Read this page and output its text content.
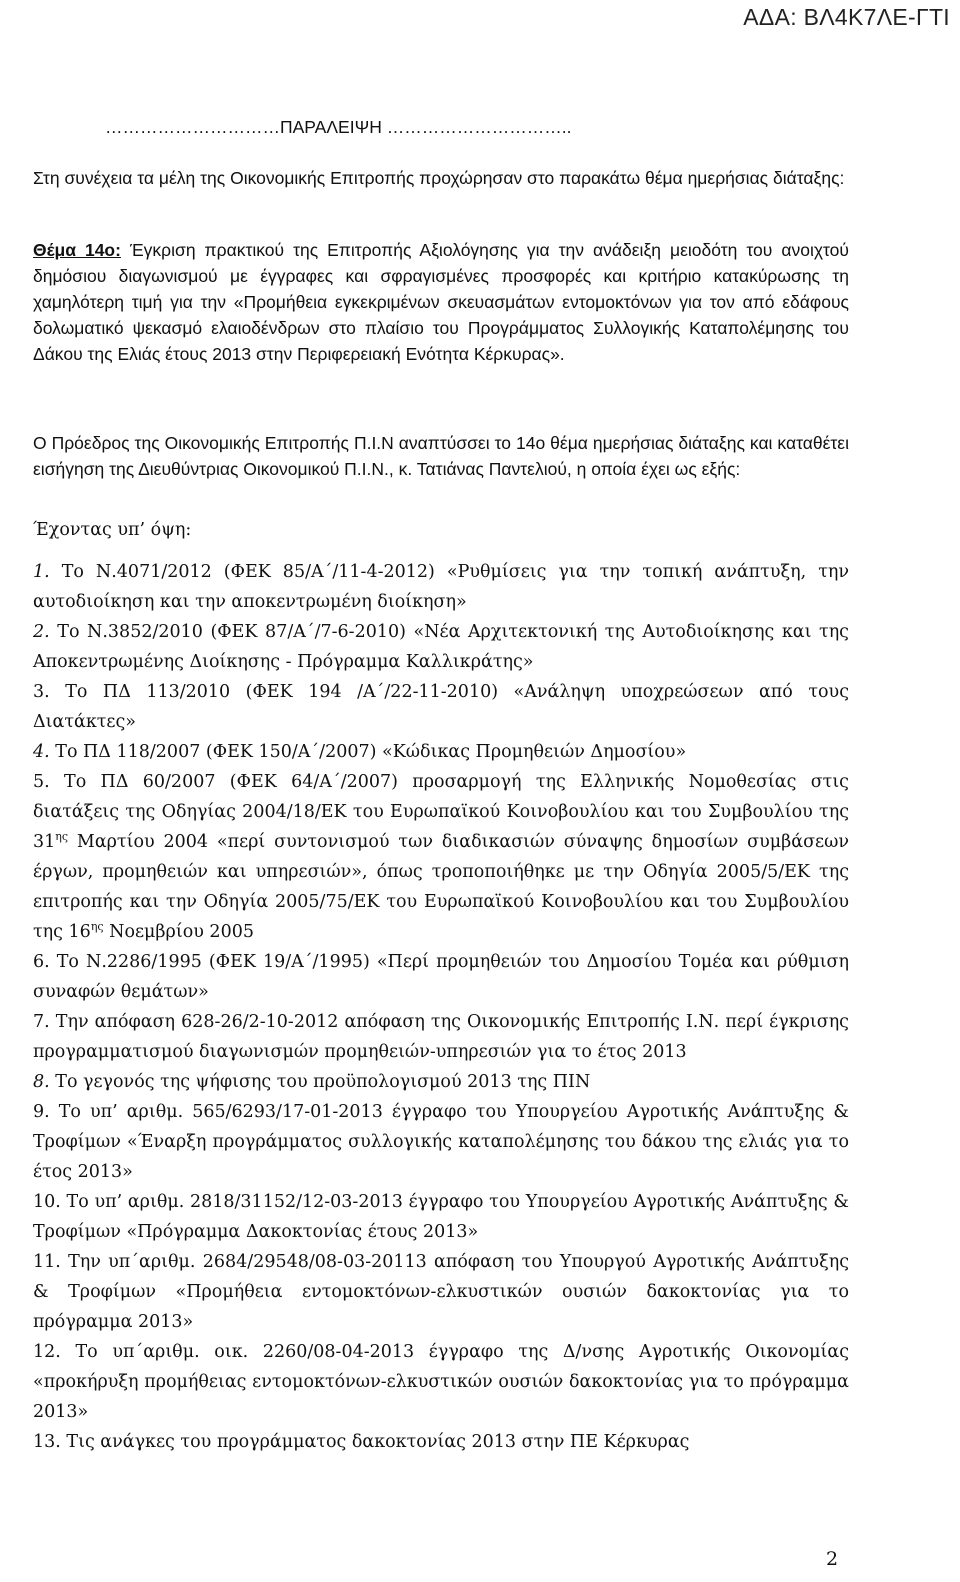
ΑΔΑ: ΒΛ4Κ7ΛΕ-ΓΤΙ
…………………………ΠΑΡΑΛΕΙΨΗ …………………………..

Στη συνέχεια τα μέλη της Οικονομικής Επιτροπής προχώρησαν στο παρακάτω θέμα ημερήσιας διάταξης:

Θέμα 14ο: Έγκριση πρακτικού της Επιτροπής Αξιολόγησης για την ανάδειξη μειοδότη του ανοιχτού δημόσιου διαγωνισμού με έγγραφες και σφραγισμένες προσφορές και κριτήριο κατακύρωσης τη χαμηλότερη τιμή για την «Προμήθεια εγκεκριμένων σκευασμάτων εντομοκτόνων για τον από εδάφους δολωματικό ψεκασμό ελαιοδένδρων στο πλαίσιο του Προγράμματος Συλλογικής Καταπολέμησης του Δάκου της Ελιάς έτους 2013 στην Περιφερειακή Ενότητα Κέρκυρας».

Ο Πρόεδρος της Οικονομικής Επιτροπής Π.Ι.Ν αναπτύσσει το 14ο θέμα ημερήσιας διάταξης και καταθέτει εισήγηση της Διευθύντριας Οικονομικού Π.Ι.Ν., κ. Τατιάνας Παντελιού, η οποία έχει ως εξής:

Έχοντας υπ’ όψη:

1. Το Ν.4071/2012 (ΦΕΚ 85/Α΄/11-4-2012) «Ρυθμίσεις για την τοπική ανάπτυξη, την αυτοδιοίκηση και την αποκεντρωμένη διοίκηση»

2. Το Ν.3852/2010 (ΦΕΚ 87/Α΄/7-6-2010) «Νέα Αρχιτεκτονική της Αυτοδιοίκησης και της Αποκεντρωμένης Διοίκησης - Πρόγραμμα Καλλικράτης»

3. Το ΠΔ 113/2010 (ΦΕΚ 194 /Α΄/22-11-2010) «Ανάληψη υποχρεώσεων από τους Διατάκτες»

4. Το ΠΔ 118/2007 (ΦΕΚ 150/Α΄/2007) «Κώδικας Προμηθειών Δημοσίου»

5. Το ΠΔ 60/2007 (ΦΕΚ 64/Α΄/2007) προσαρμογή της Ελληνικής Νομοθεσίας στις διατάξεις της Οδηγίας 2004/18/ΕΚ του Ευρωπαϊκού Κοινοβουλίου και του Συμβουλίου της $31^{\eta\varsigma}$ Μαρτίου 2004 «περί συντονισμού των διαδικασιών σύναψης δημοσίων συμβάσεων έργων, προμηθειών και υπηρεσιών», όπως τροποποιήθηκε με την Οδηγία 2005/5/ΕΚ της επιτροπής και την Οδηγία 2005/75/ΕΚ του Ευρωπαϊκού Κοινοβουλίου και του Συμβουλίου της $16^{\eta\varsigma}$ Νοεμβρίου 2005

6. Το Ν.2286/1995 (ΦΕΚ 19/Α΄/1995) «Περί προμηθειών του Δημοσίου Τομέα και ρύθμιση συναφών θεμάτων»

7. Την απόφαση 628-26/2-10-2012 απόφαση της Οικονομικής Επιτροπής Ι.Ν. περί έγκρισης προγραμματισμού διαγωνισμών προμηθειών-υπηρεσιών για το έτος 2013

8. Το γεγονός της ψήφισης του προϋπολογισμού 2013 της ΠΙΝ

9. Το υπ’ αριθμ. 565/6293/17-01-2013 έγγραφο του Υπουργείου Αγροτικής Ανάπτυξης & Τροφίμων «Έναρξη προγράμματος συλλογικής καταπολέμησης του δάκου της ελιάς για το έτος 2013»

10. Το υπ’ αριθμ. 2818/31152/12-03-2013 έγγραφο του Υπουργείου Αγροτικής Ανάπτυξης & Τροφίμων «Πρόγραμμα Δακοκτονίας έτους 2013»

11. Την υπ΄αριθμ. 2684/29548/08-03-20113 απόφαση του Υπουργού Αγροτικής Ανάπτυξης & Τροφίμων «Προμήθεια εντομοκτόνων-ελκυστικών ουσιών δακοκτονίας για το πρόγραμμα 2013»

12. Το υπ΄αριθμ. οικ. 2260/08-04-2013 έγγραφο της Δ/νσης Αγροτικής Οικονομίας «προκήρυξη προμήθειας εντομοκτόνων-ελκυστικών ουσιών δακοκτονίας για το πρόγραμμα 2013»

13. Τις ανάγκες του προγράμματος δακοκτονίας 2013 στην ΠΕ Κέρκυρας

2
